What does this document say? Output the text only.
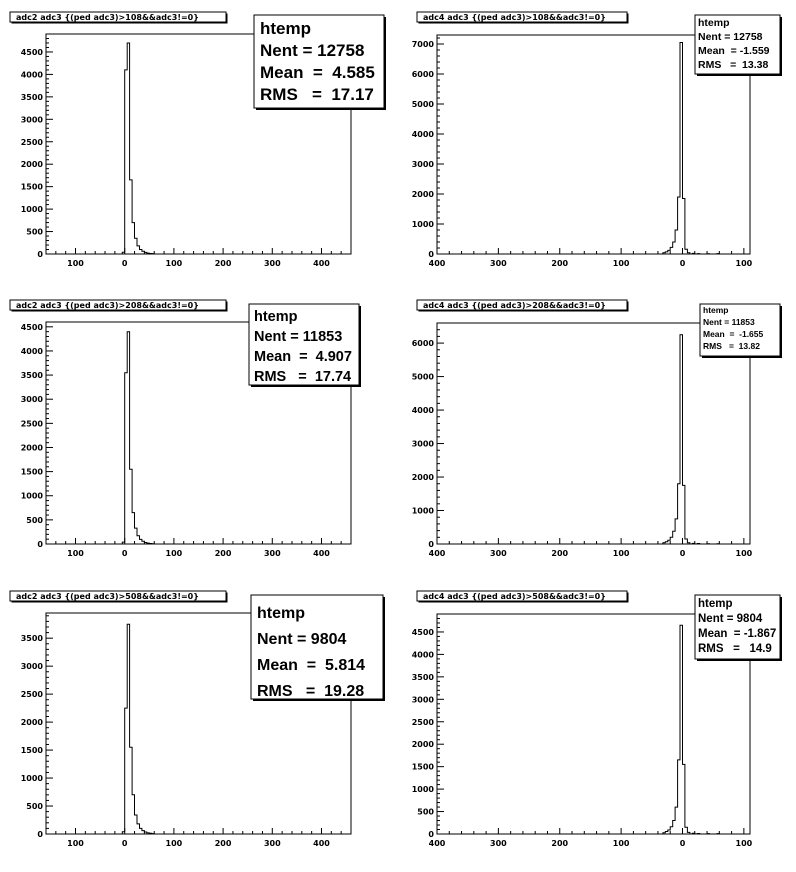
adc2 adc3 {(ped adc3)>108&&adc3!=0}
100	0	100	200	300	400
0
500
1000
1500
2000
2500
3000
3500
4000
4500
htemp
Nent = 12758
Mean  =  4.585
RMS   =  17.17
adc4 adc3 {(ped adc3)>108&&adc3!=0}
400	300	200	100	0	100
0
1000
2000
3000
4000
5000
6000
7000
htemp
Nent = 12758
Mean  = -1.559
RMS   =  13.38
adc2 adc3 {(ped adc3)>208&&adc3!=0}
100	0	100	200	300	400
0
500
1000
1500
2000
2500
3000
3500
4000
4500
htemp
Nent = 11853
Mean  =  4.907
RMS   =  17.74
adc4 adc3 {(ped adc3)>208&&adc3!=0}
400	300	200	100	0	100
0
1000
2000
3000
4000
5000
6000
htemp
Nent = 11853
Mean  =  -1.655
RMS   =  13.82
adc2 adc3 {(ped adc3)>508&&adc3!=0}
100	0	100	200	300	400
0
500
1000
1500
2000
2500
3000
3500
htemp
Nent = 9804
Mean  =  5.814
RMS   =  19.28
adc4 adc3 {(ped adc3)>508&&adc3!=0}
400	300	200	100	0	100
0
500
1000
1500
2000
2500
3000
3500
4000
4500
htemp
Nent = 9804
Mean  = -1.867
RMS   =   14.9
